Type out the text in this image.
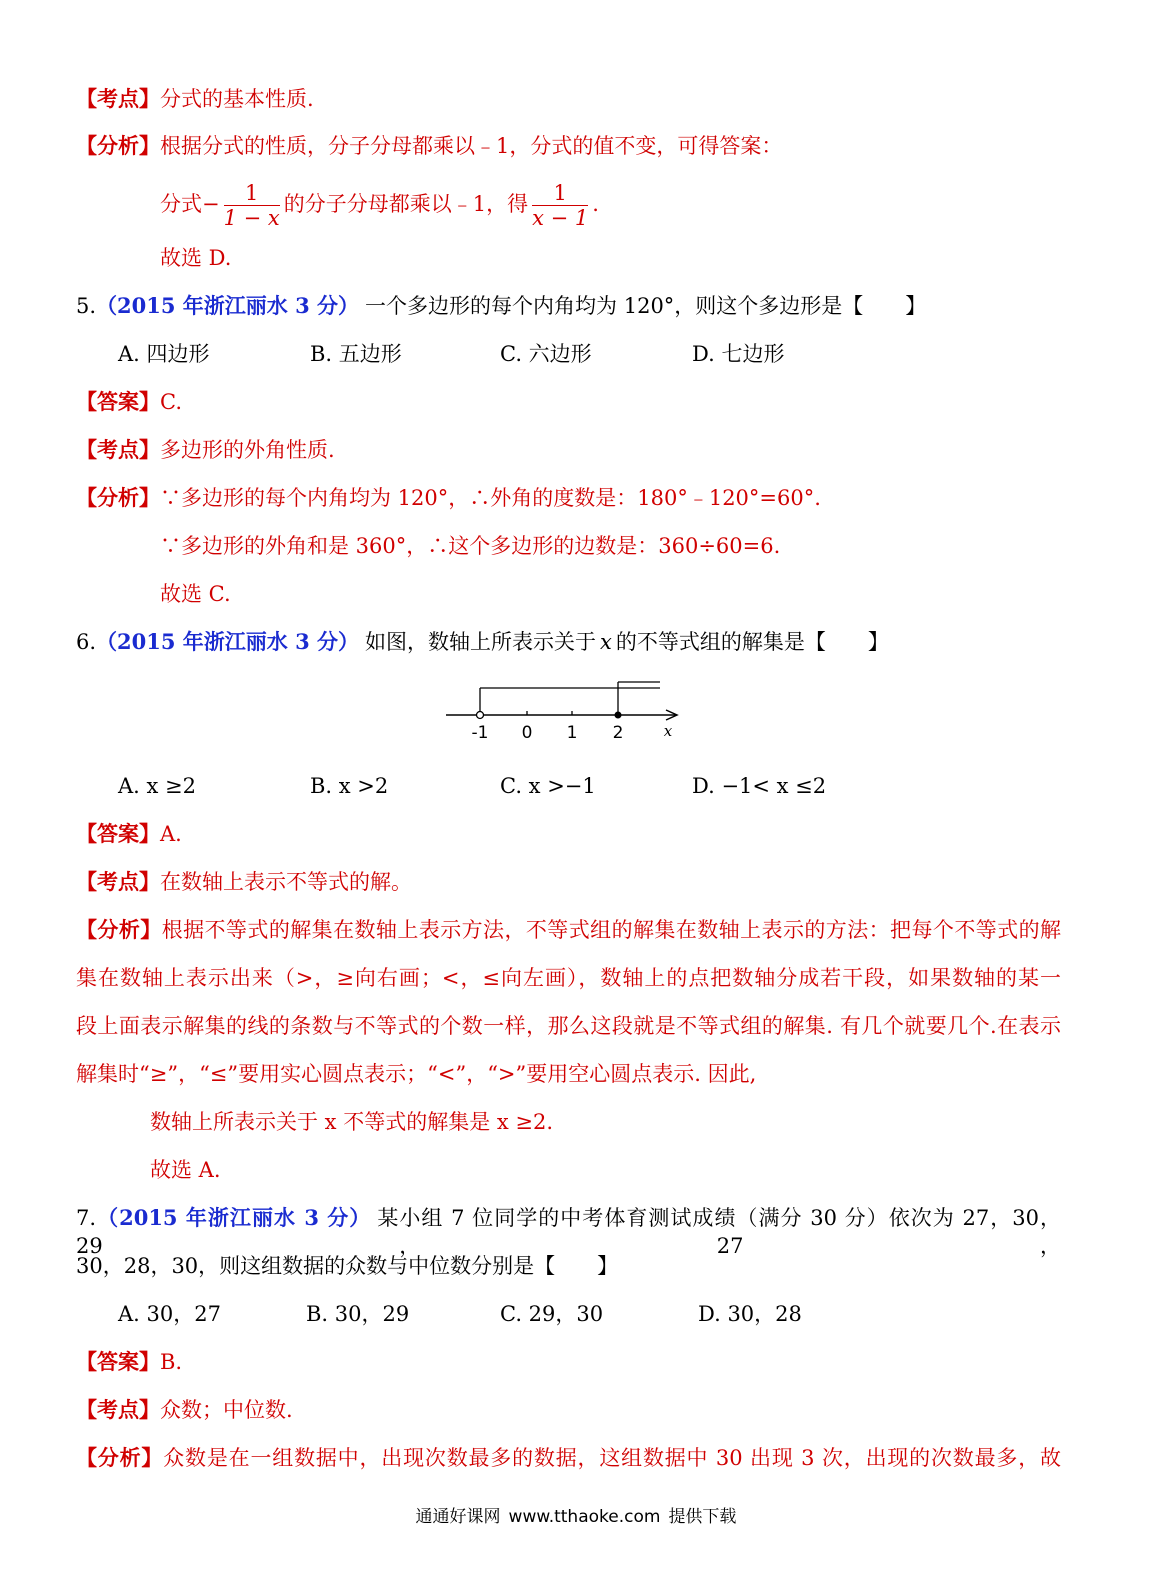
【考点】分式的基本性质.
【分析】根据分式的性质，分子分母都乘以﹣1，分式的值不变，可得答案：
分式− $\frac{1}{1 - x}$ 的分子分母都乘以﹣1，得 $\frac{1}{x - 1}$ .
故选 D.
5.（2015 年浙江丽水 3 分） 一个多边形的每个内角均为 120°，则这个多边形是【　　】
A. 四边形	B. 五边形	C. 六边形	D. 七边形
【答案】C.
【考点】多边形的外角性质.
【分析】∵多边形的每个内角均为 120°，∴外角的度数是：180°﹣120°=60°.
∵多边形的外角和是 360°，∴这个多边形的边数是：360÷60=6.
故选 C.
6.（2015 年浙江丽水 3 分） 如图，数轴上所表示关于 x 的不等式组的解集是【　　】
-1 0 1 2	x
A. x ≥2	B. x >2	C. x >−1	D. −1< x ≤2
【答案】A.
【考点】在数轴上表示不等式的解。
【分析】根据不等式的解集在数轴上表示方法，不等式组的解集在数轴上表示的方法：把每个不等式的解
集在数轴上表示出来（>，≥向右画；<，≤向左画），数轴上的点把数轴分成若干段，如果数轴的某一
段上面表示解集的线的条数与不等式的个数一样，那么这段就是不等式组的解集. 有几个就要几个.在表示
解集时“≥”，“≤”要用实心圆点表示；“<”，“>”要用空心圆点表示. 因此,
数轴上所表示关于 x 不等式的解集是 x ≥2.
故选 A.
7.（2015 年浙江丽水 3 分） 某小组 7 位同学的中考体育测试成绩（满分 30 分）依次为 27，30，29，27，
30，28，30，则这组数据的众数与中位数分别是【　　】
A. 30，27	B. 30，29	C. 29，30	D. 30，28
【答案】B.
【考点】众数；中位数.
【分析】众数是在一组数据中，出现次数最多的数据，这组数据中 30 出现 3 次，出现的次数最多，故
通通好课网 www.tthaoke.com 提供下载
